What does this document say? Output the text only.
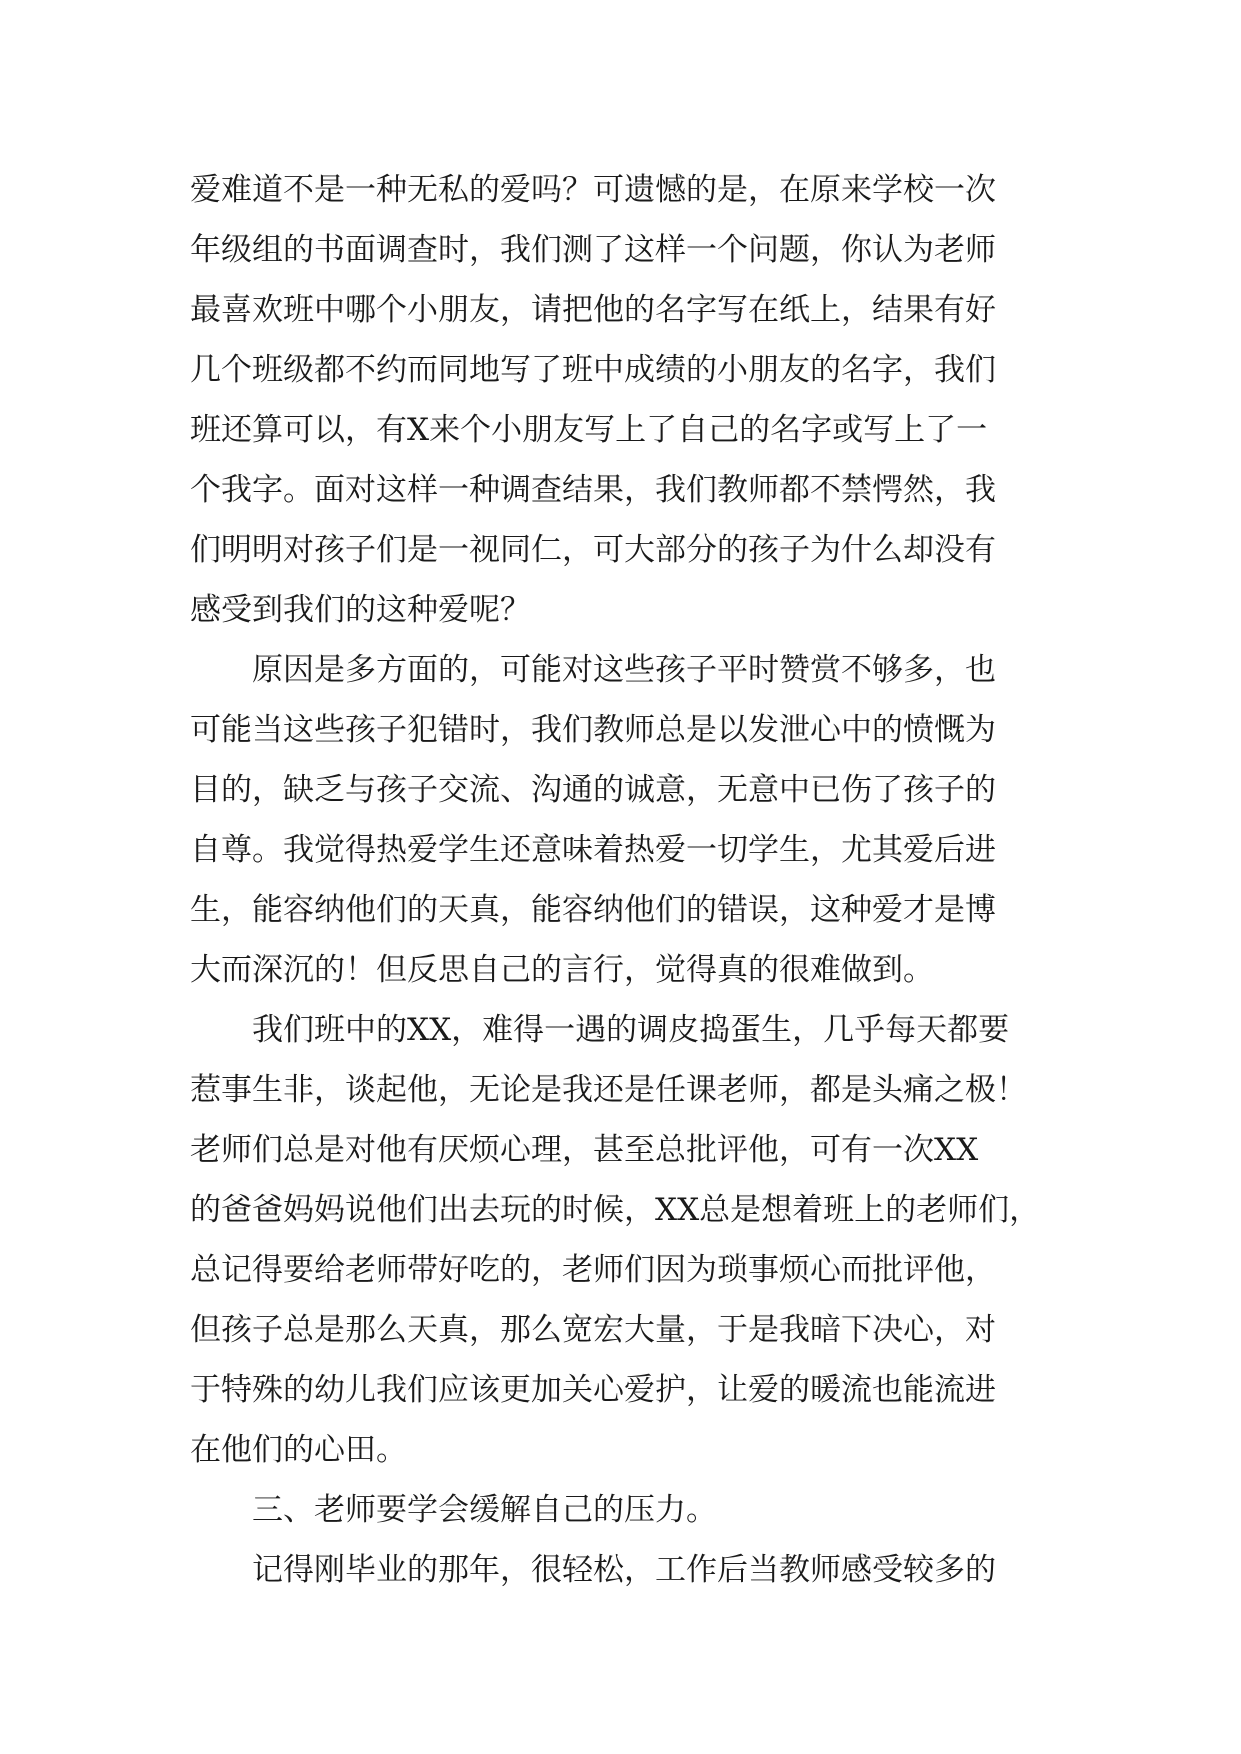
爱难道不是一种无私的爱吗？可遗憾的是，在原来学校一次
年级组的书面调查时，我们测了这样一个问题，你认为老师
最喜欢班中哪个小朋友，请把他的名字写在纸上，结果有好
几个班级都不约而同地写了班中成绩的小朋友的名字，我们
班还算可以，有X来个小朋友写上了自己的名字或写上了一
个我字。面对这样一种调查结果，我们教师都不禁愕然，我
们明明对孩子们是一视同仁，可大部分的孩子为什么却没有
感受到我们的这种爱呢？
原因是多方面的，可能对这些孩子平时赞赏不够多，也
可能当这些孩子犯错时，我们教师总是以发泄心中的愤慨为
目的，缺乏与孩子交流、沟通的诚意，无意中已伤了孩子的
自尊。我觉得热爱学生还意味着热爱一切学生，尤其爱后进
生，能容纳他们的天真，能容纳他们的错误，这种爱才是博
大而深沉的！但反思自己的言行，觉得真的很难做到。
我们班中的XX，难得一遇的调皮捣蛋生，几乎每天都要
惹事生非，谈起他，无论是我还是任课老师，都是头痛之极！
老师们总是对他有厌烦心理，甚至总批评他，可有一次XX
的爸爸妈妈说他们出去玩的时候，XX总是想着班上的老师们，
总记得要给老师带好吃的，老师们因为琐事烦心而批评他，
但孩子总是那么天真，那么宽宏大量，于是我暗下决心，对
于特殊的幼儿我们应该更加关心爱护，让爱的暖流也能流进
在他们的心田。
三、老师要学会缓解自己的压力。
记得刚毕业的那年，很轻松，工作后当教师感受较多的
